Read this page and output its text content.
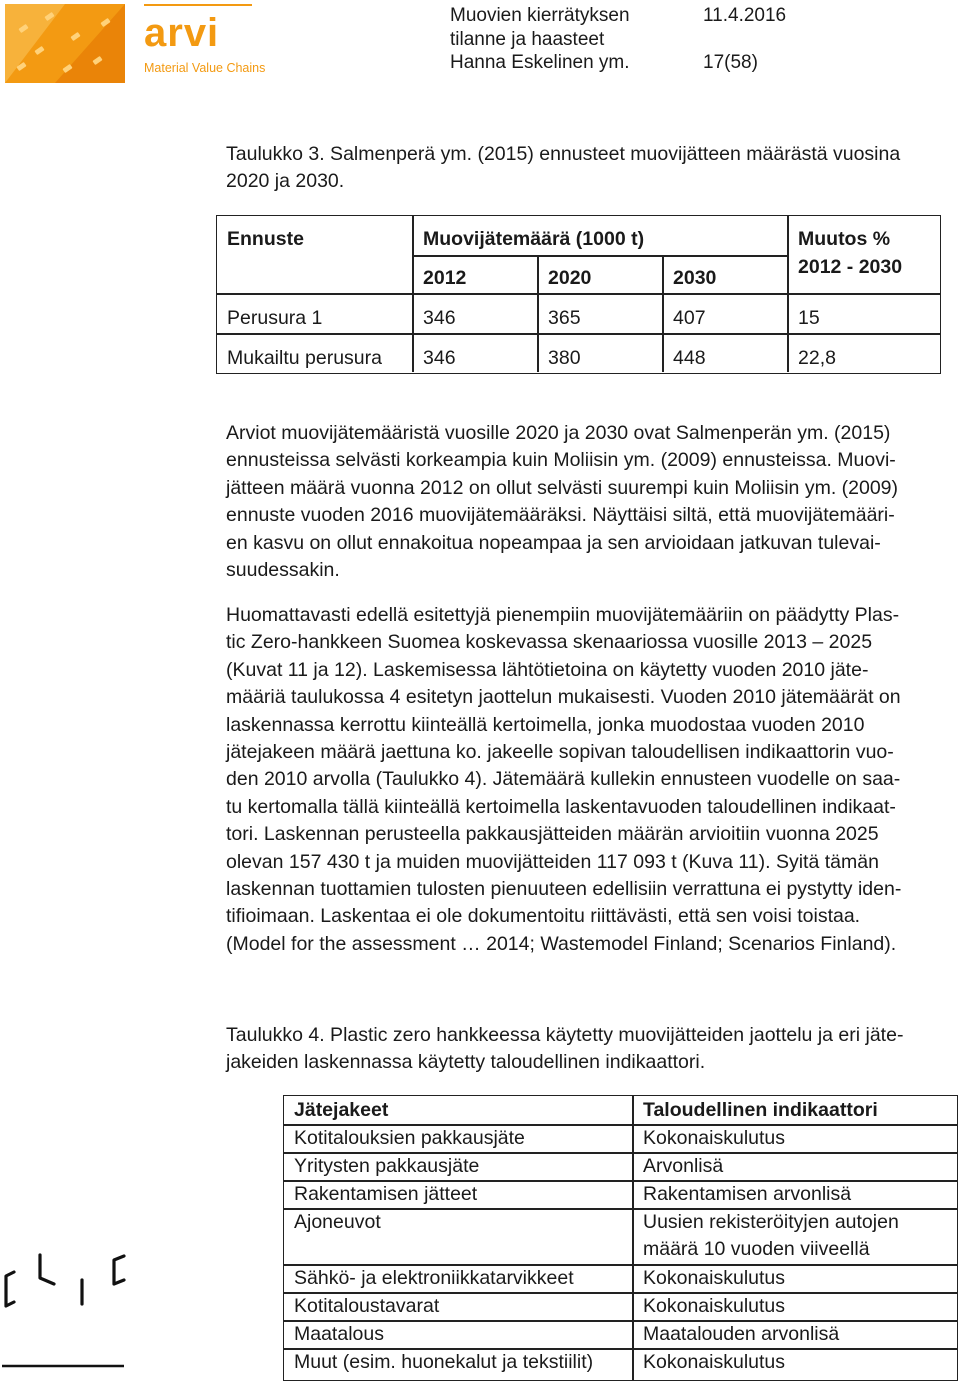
arvi
Material Value Chains
Muovien kierrätyksen
tilanne ja haasteet
Hanna Eskelinen ym.
11.4.2016
17(58)
Taulukko 3. Salmenperä ym. (2015) ennusteet muovijätteen määrästä vuosina
2020 ja 2030.
Ennuste	Muovijätemäärä (1000 t)	Muutos %
2012 - 2030
2012	2020	2030
Perusura 1	346	365	407	15
Mukailtu perusura 346	380	448	22,8
Arviot muovijätemääristä vuosille 2020 ja 2030 ovat Salmenperän ym. (2015)
ennusteissa selvästi korkeampia kuin Moliisin ym. (2009) ennusteissa. Muovi-
jätteen määrä vuonna 2012 on ollut selvästi suurempi kuin Moliisin ym. (2009)
ennuste vuoden 2016 muovijätemääräksi. Näyttäisi siltä, että muovijätemääri-
en kasvu on ollut ennakoitua nopeampaa ja sen arvioidaan jatkuvan tulevai-
suudessakin.
Huomattavasti edellä esitettyjä pienempiin muovijätemääriin on päädytty Plas-
tic Zero-hankkeen Suomea koskevassa skenaariossa vuosille 2013 – 2025
(Kuvat 11 ja 12). Laskemisessa lähtötietoina on käytetty vuoden 2010 jäte-
määriä taulukossa 4 esitetyn jaottelun mukaisesti. Vuoden 2010 jätemäärät on
laskennassa kerrottu kiinteällä kertoimella, jonka muodostaa vuoden 2010
jätejakeen määrä jaettuna ko. jakeelle sopivan taloudellisen indikaattorin vuo-
den 2010 arvolla (Taulukko 4). Jätemäärä kullekin ennusteen vuodelle on saa-
tu kertomalla tällä kiinteällä kertoimella laskentavuoden taloudellinen indikaat-
tori. Laskennan perusteella pakkausjätteiden määrän arvioitiin vuonna 2025
olevan 157 430 t ja muiden muovijätteiden 117 093 t (Kuva 11). Syitä tämän
laskennan tuottamien tulosten pienuuteen edellisiin verrattuna ei pystytty iden-
tifioimaan. Laskentaa ei ole dokumentoitu riittävästi, että sen voisi toistaa.
(Model for the assessment … 2014; Wastemodel Finland; Scenarios Finland).
Taulukko 4. Plastic zero hankkeessa käytetty muovijätteiden jaottelu ja eri jäte-
jakeiden laskennassa käytetty taloudellinen indikaattori.
Jätejakeet	Taloudellinen indikaattori
Kotitalouksien pakkausjäte	Kokonaiskulutus
Yritysten pakkausjäte	Arvonlisä
Rakentamisen jätteet	Rakentamisen arvonlisä
Ajoneuvot	Uusien rekisteröityjen autojen
määrä 10 vuoden viiveellä
Sähkö- ja elektroniikkatarvikkeet	Kokonaiskulutus
Kotitaloustavarat	Kokonaiskulutus
Maatalous	Maatalouden arvonlisä
Muut (esim. huonekalut ja tekstiilit)	Kokonaiskulutus
